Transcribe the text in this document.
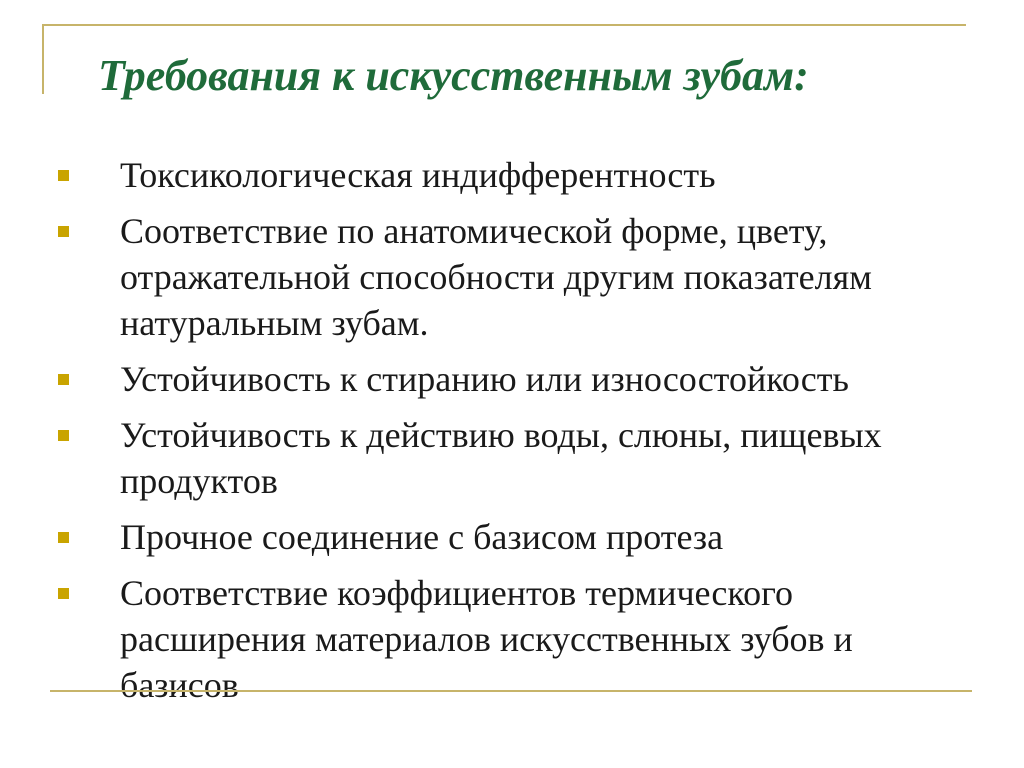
Требования к искусственным зубам:
Токсикологическая индифферентность
Соответствие по анатомической форме, цвету, отражательной способности другим показателям натуральным зубам.
Устойчивость к стиранию или износостойкость
Устойчивость к действию воды, слюны, пищевых продуктов
Прочное соединение с базисом протеза
Соответствие коэффициентов термического расширения материалов искусственных зубов и базисов
